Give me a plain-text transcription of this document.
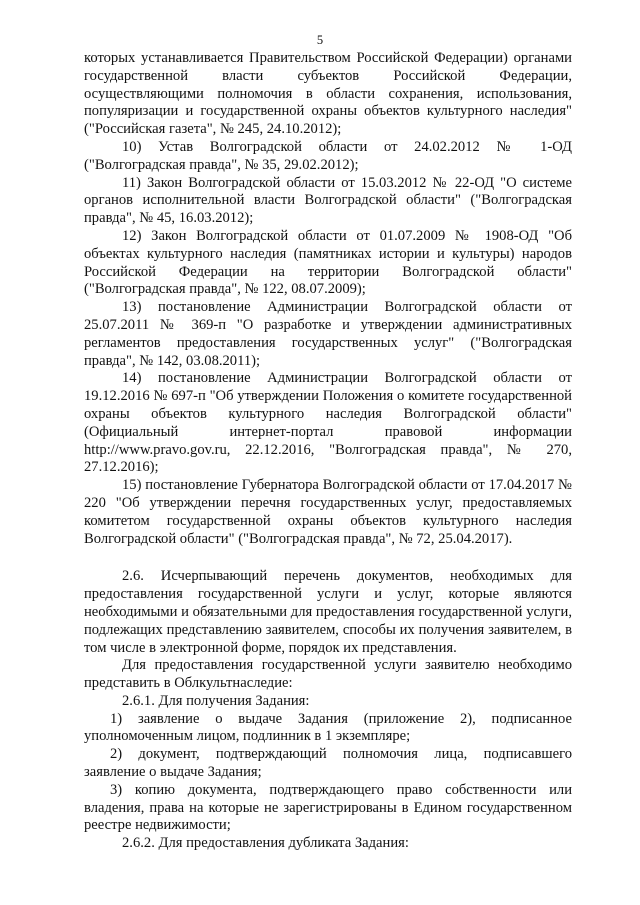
5

которых устанавливается Правительством Российской Федерации) органами государственной власти субъектов Российской Федерации, осуществляющими полномочия в области сохранения, использования, популяризации и государственной охраны объектов культурного наследия" ("Российская газета", № 245, 24.10.2012);

10) Устав Волгоградской области от 24.02.2012 № 1-ОД ("Волгоградская правда", № 35, 29.02.2012);

11) Закон Волгоградской области от 15.03.2012 № 22-ОД "О системе органов исполнительной власти Волгоградской области" ("Волгоградская правда", № 45, 16.03.2012);

12) Закон Волгоградской области от 01.07.2009 № 1908-ОД "Об объектах культурного наследия (памятниках истории и культуры) народов Российской Федерации на территории Волгоградской области" ("Волгоградская правда", № 122, 08.07.2009);

13) постановление Администрации Волгоградской области от 25.07.2011 № 369-п "О разработке и утверждении административных регламентов предоставления государственных услуг" ("Волгоградская правда", № 142, 03.08.2011);

14) постановление Администрации Волгоградской области от 19.12.2016 № 697-п "Об утверждении Положения о комитете государственной охраны объектов культурного наследия Волгоградской области" (Официальный интернет-портал правовой информации http://www.pravo.gov.ru, 22.12.2016, "Волгоградская правда", № 270, 27.12.2016);

15) постановление Губернатора Волгоградской области от 17.04.2017 № 220 "Об утверждении перечня государственных услуг, предоставляемых комитетом государственной охраны объектов культурного наследия Волгоградской области" ("Волгоградская правда", № 72, 25.04.2017).

2.6. Исчерпывающий перечень документов, необходимых для предоставления государственной услуги и услуг, которые являются необходимыми и обязательными для предоставления государственной услуги, подлежащих представлению заявителем, способы их получения заявителем, в том числе в электронной форме, порядок их представления.

Для предоставления государственной услуги заявителю необходимо представить в Облкультнаследие:

2.6.1. Для получения Задания:

1) заявление о выдаче Задания (приложение 2), подписанное уполномоченным лицом, подлинник в 1 экземпляре;

2) документ, подтверждающий полномочия лица, подписавшего заявление о выдаче Задания;

3) копию документа, подтверждающего право собственности или владения, права на которые не зарегистрированы в Едином государственном реестре недвижимости;

2.6.2. Для предоставления дубликата Задания:
